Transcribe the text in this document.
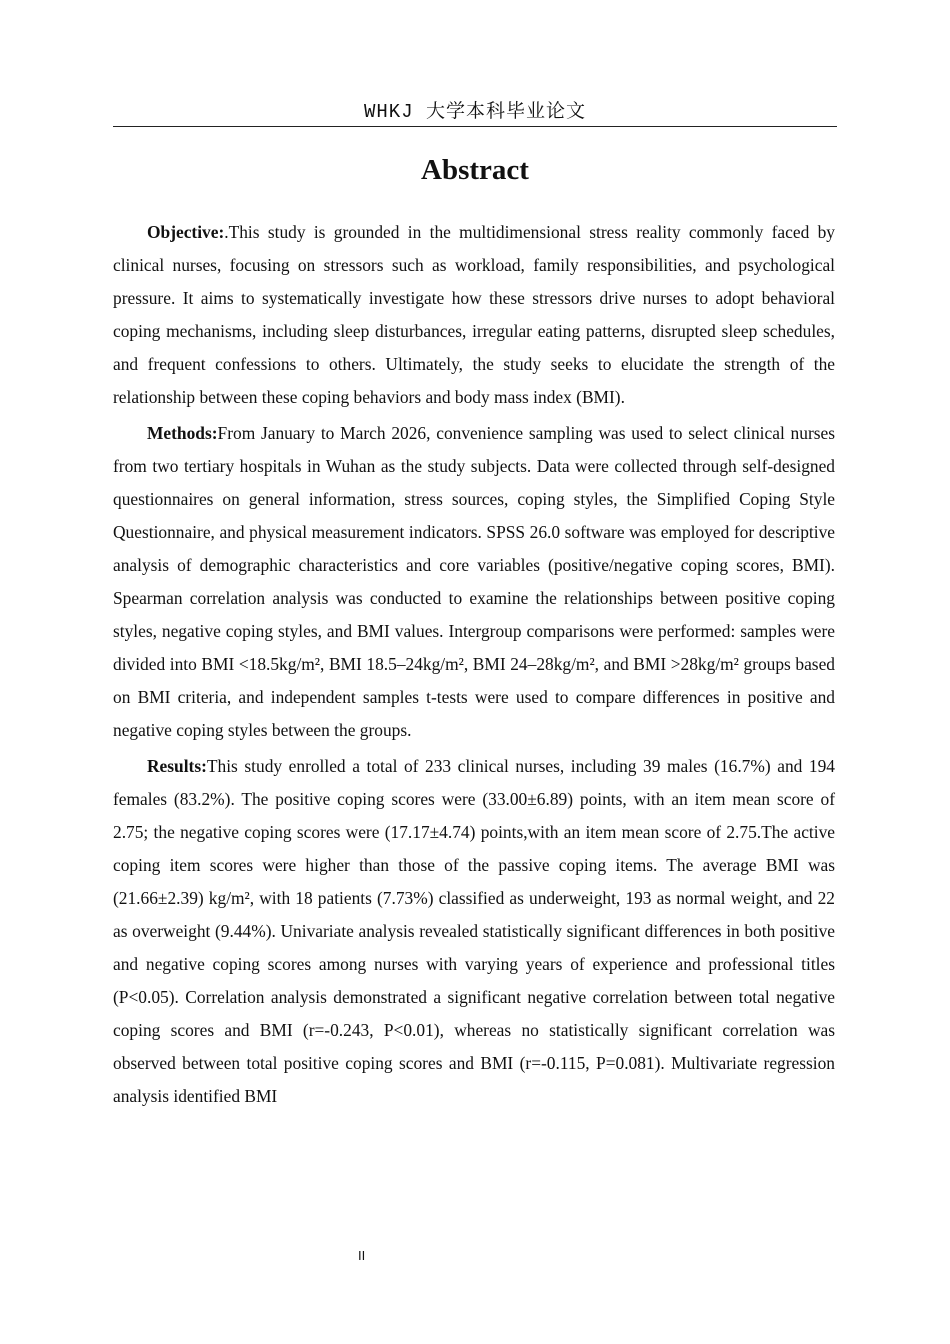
WHKJ 大学本科毕业论文
Abstract

Objective:.This study is grounded in the multidimensional stress reality commonly faced by clinical nurses, focusing on stressors such as workload, family responsibilities, and psychological pressure. It aims to systematically investigate how these stressors drive nurses to adopt behavioral coping mechanisms, including sleep disturbances, irregular eating patterns, disrupted sleep schedules, and frequent confessions to others. Ultimately, the study seeks to elucidate the strength of the relationship between these coping behaviors and body mass index (BMI).

Methods:From January to March 2026, convenience sampling was used to select clinical nurses from two tertiary hospitals in Wuhan as the study subjects. Data were collected through self-designed questionnaires on general information, stress sources, coping styles, the Simplified Coping Style Questionnaire, and physical measurement indicators. SPSS 26.0 software was employed for descriptive analysis of demographic characteristics and core variables (positive/negative coping scores, BMI). Spearman correlation analysis was conducted to examine the relationships between positive coping styles, negative coping styles, and BMI values. Intergroup comparisons were performed: samples were divided into BMI <18.5kg/m², BMI 18.5–24kg/m², BMI 24–28kg/m², and BMI >28kg/m² groups based on BMI criteria, and independent samples t-tests were used to compare differences in positive and negative coping styles between the groups.

Results:This study enrolled a total of 233 clinical nurses, including 39 males (16.7%) and 194 females (83.2%). The positive coping scores were (33.00±6.89) points, with an item mean score of 2.75; the negative coping scores were (17.17±4.74) points,with an item mean score of 2.75.The active coping item scores were higher than those of the passive coping items. The average BMI was (21.66±2.39) kg/m², with 18 patients (7.73%) classified as underweight, 193 as normal weight, and 22 as overweight (9.44%). Univariate analysis revealed statistically significant differences in both positive and negative coping scores among nurses with varying years of experience and professional titles (P<0.05). Correlation analysis demonstrated a significant negative correlation between total negative coping scores and BMI (r=-0.243, P<0.01), whereas no statistically significant correlation was observed between total positive coping scores and BMI (r=-0.115, P=0.081). Multivariate regression analysis identified BMI

II
